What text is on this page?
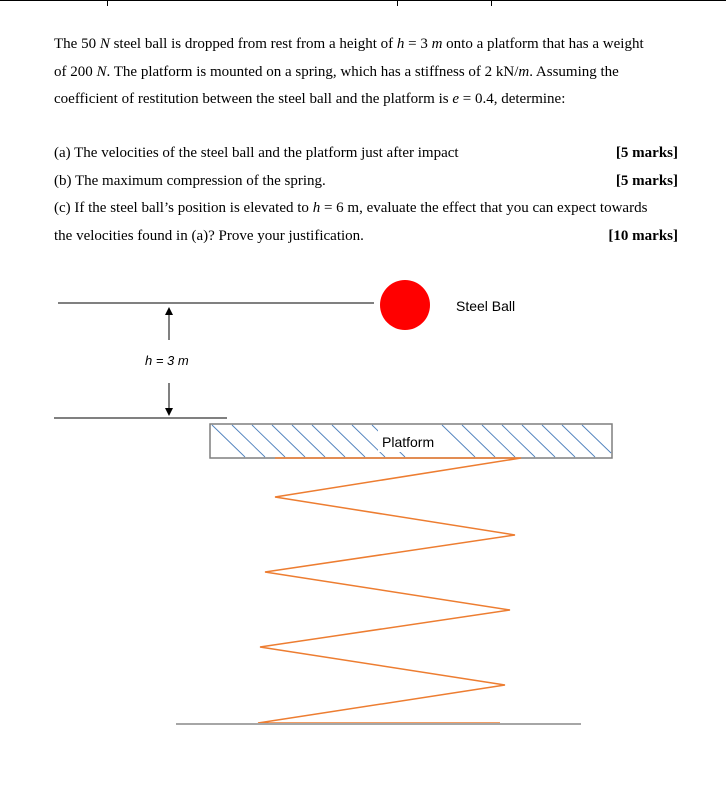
The 50 N steel ball is dropped from rest from a height of h = 3 m onto a platform that has a weight
of 200 N. The platform is mounted on a spring, which has a stiffness of 2 kN/m. Assuming the
coefficient of restitution between the steel ball and the platform is e = 0.4, determine:

(a) The velocities of the steel ball and the platform just after impact	[5 marks]
(b) The maximum compression of the spring.	[5 marks]
(c) If the steel ball’s position is elevated to h = 6 m, evaluate the effect that you can expect towards
the velocities found in (a)? Prove your justification.	[10 marks]
h = 3 m
Steel Ball
Platform
